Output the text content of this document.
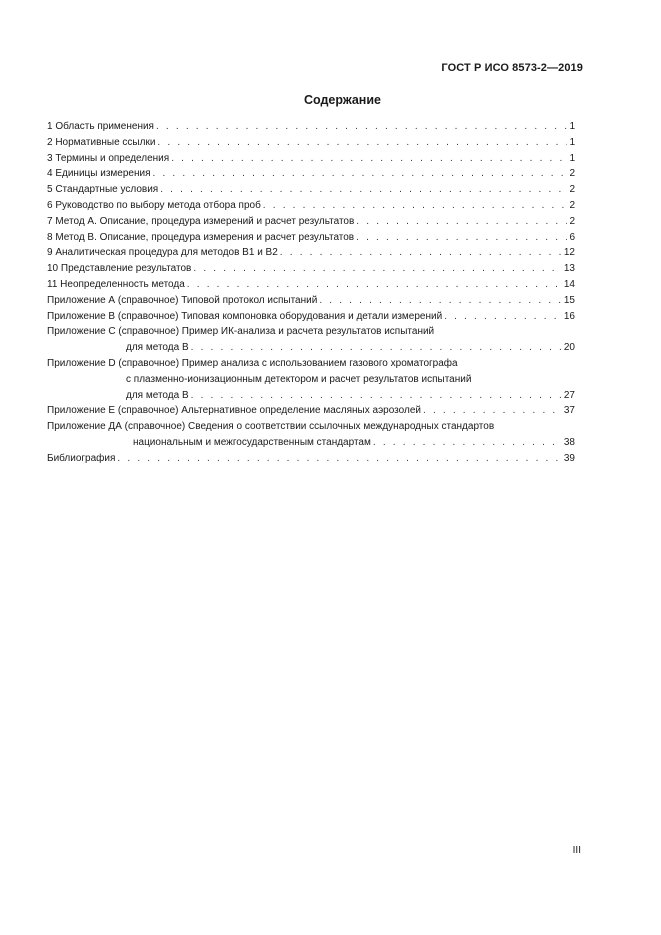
ГОСТ Р ИСО 8573-2—2019
Содержание
1 Область применения . . .	1
2 Нормативные ссылки . . .	1
3 Термины и определения . . .	1
4 Единицы измерения . . .	2
5 Стандартные условия . . .	2
6 Руководство по выбору метода отбора проб . . .	2
7 Метод А. Описание, процедура измерений и расчет результатов . . .	2
8 Метод В. Описание, процедура измерения и расчет результатов . . .	6
9 Аналитическая процедура для методов В1 и В2 . . .	12
10 Представление результатов . . .	13
11 Неопределенность метода . . .	14
Приложение А (справочное) Типовой протокол испытаний . . .	15
Приложение В (справочное) Типовая компоновка оборудования и детали измерений . . .	16
Приложение С (справочное) Пример ИК-анализа и расчета результатов испытаний
для метода В . . .	20
Приложение D (справочное) Пример анализа с использованием газового хроматографа
с плазменно-ионизационным детектором и расчет результатов испытаний
для метода В . . .	27
Приложение Е (справочное) Альтернативное определение масляных аэрозолей . . .	37
Приложение ДА (справочное) Сведения о соответствии ссылочных международных стандартов
национальным и межгосударственным стандартам . . .	38
Библиография . . .	39
III
